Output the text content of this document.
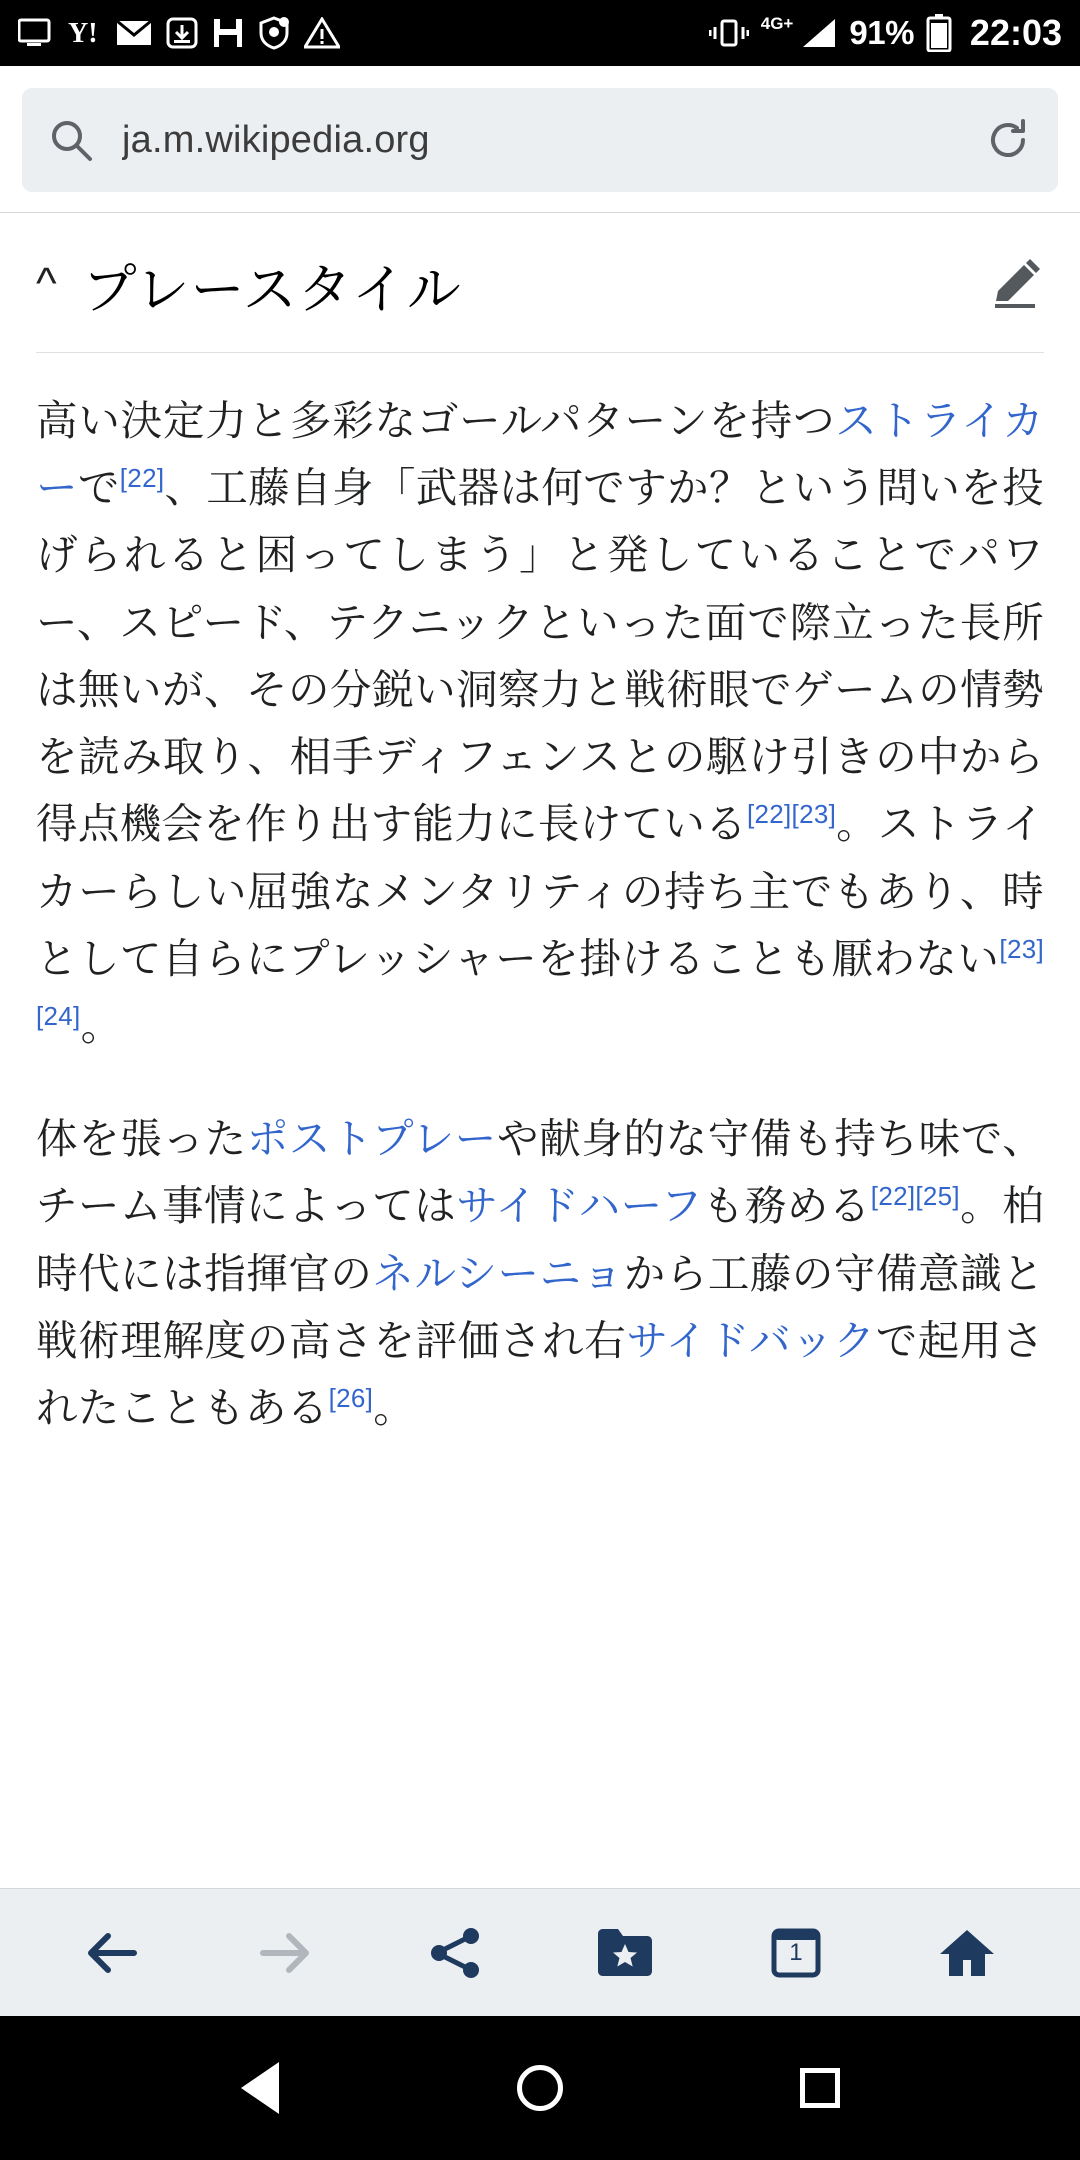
Y!	4G+ 91% 22:03
ja.m.wikipedia.org
^ プレースタイル

高い決定力と多彩なゴールパターンを持つストライカーで[22]、工藤自身「武器は何ですか？という問いを投げられると困ってしまう」と発していることでパワー、スピード、テクニックといった面で際立った長所は無いが、その分鋭い洞察力と戦術眼でゲームの情勢を読み取り、相手ディフェンスとの駆け引きの中から得点機会を作り出す能力に長けている[22][23]。ストライカーらしい屈強なメンタリティの持ち主でもあり、時として自らにプレッシャーを掛けることも厭わない[23][24]。

体を張ったポストプレーや献身的な守備も持ち味で、チーム事情によってはサイドハーフも務める[22][25]。柏時代には指揮官のネルシーニョから工藤の守備意識と戦術理解度の高さを評価され右サイドバックで起用されたこともある[26]。

1
